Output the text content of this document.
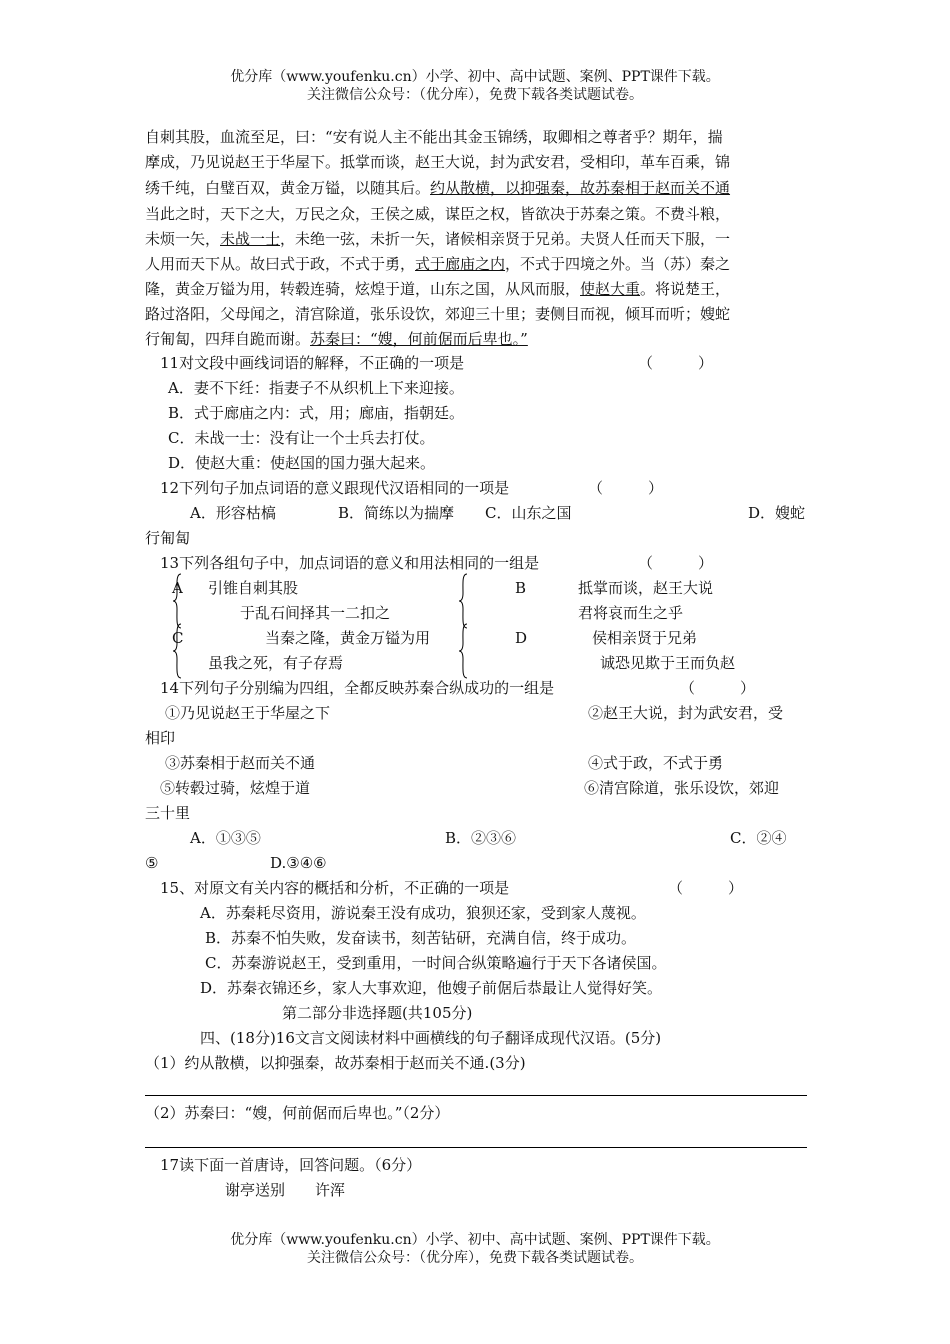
优分库（www.youfenku.cn）小学、初中、高中试题、案例、PPT课件下载。
关注微信公众号：（优分库），免费下载各类试题试卷。
自刺其股，血流至足，曰：“安有说人主不能出其金玉锦绣，取卿相之尊者乎？期年，揣
摩成，乃见说赵王于华屋下。抵掌而谈，赵王大说，封为武安君，受相印，革车百乘，锦
绣千纯，白璧百双，黄金万镒，以随其后。约从散横，以抑强秦，故苏秦相于赵而关不通
当此之时，天下之大，万民之众，王侯之威，谋臣之权，皆欲决于苏秦之策。不费斗粮，
未烦一矢，未战一士，未绝一弦，未折一矢，诸候相亲贤于兄弟。夫贤人任而天下服，一
人用而天下从。故曰式于政，不式于勇，式于廊庙之内，不式于四境之外。当（苏）秦之
隆，黄金万镒为用，转毂连骑，炫煌于道，山东之国，从风而服，使赵大重。将说楚王，
路过洛阳，父母闻之，清宫除道，张乐设饮，郊迎三十里；妻侧目而视，倾耳而听；嫂蛇
行匍匐，四拜自跪而谢。苏秦曰：“嫂，何前倨而后卑也。”
11对文段中画线词语的解释，不正确的一项是	（　　　）
A．妻不下纴：指妻子不从织机上下来迎接。
B．式于廊庙之内：式，用；廊庙，指朝廷。
C．未战一士：没有让一个士兵去打仗。
D．使赵大重：使赵国的国力强大起来。
12下列句子加点词语的意义跟现代汉语相同的一项是	（　　　）
A．形容枯槁	B．简练以为揣摩 C．山东之国	D．嫂蛇
行匍匐
13下列各组句子中，加点词语的意义和用法相同的一组是	（　　　）
A 引锥自刺其股
于乱石间择其一二扣之
B	抵掌而谈，赵王大说
君将哀而生之乎
C	当秦之隆，黄金万镒为用
虽我之死，有子存焉
D	侯相亲贤于兄弟
诚恐见欺于王而负赵
14下列句子分别编为四组，全都反映苏秦合纵成功的一组是	（　　　）
①乃见说赵王于华屋之下	②赵王大说，封为武安君，受
相印
③苏秦相于赵而关不通	④式于政，不式于勇
⑤转毂过骑，炫煌于道	⑥清宫除道，张乐设饮，郊迎
三十里
A．①③⑤	B．②③⑥	C．②④
⑤	D.③④⑥
15、对原文有关内容的概括和分析，不正确的一项是	（　　　）
A．苏秦耗尽资用，游说秦王没有成功，狼狈还家，受到家人蔑视。
B．苏秦不怕失败，发奋读书，刻苦钻研，充满自信，终于成功。
C．苏秦游说赵王，受到重用，一时间合纵策略遍行于天下各诸侯国。
D．苏秦衣锦还乡，家人大事欢迎，他嫂子前倨后恭最让人觉得好笑。
第二部分非选择题(共105分)
四、(18分)16文言文阅读材料中画横线的句子翻译成现代汉语。(5分)
（1）约从散横，以抑强秦，故苏秦相于赵而关不通.(3分)
（2）苏秦曰：“嫂，何前倨而后卑也。”（2分）
17读下面一首唐诗，回答问题。（6分）
谢亭送别　　许浑
优分库（www.youfenku.cn）小学、初中、高中试题、案例、PPT课件下载。
关注微信公众号：（优分库），免费下载各类试题试卷。
